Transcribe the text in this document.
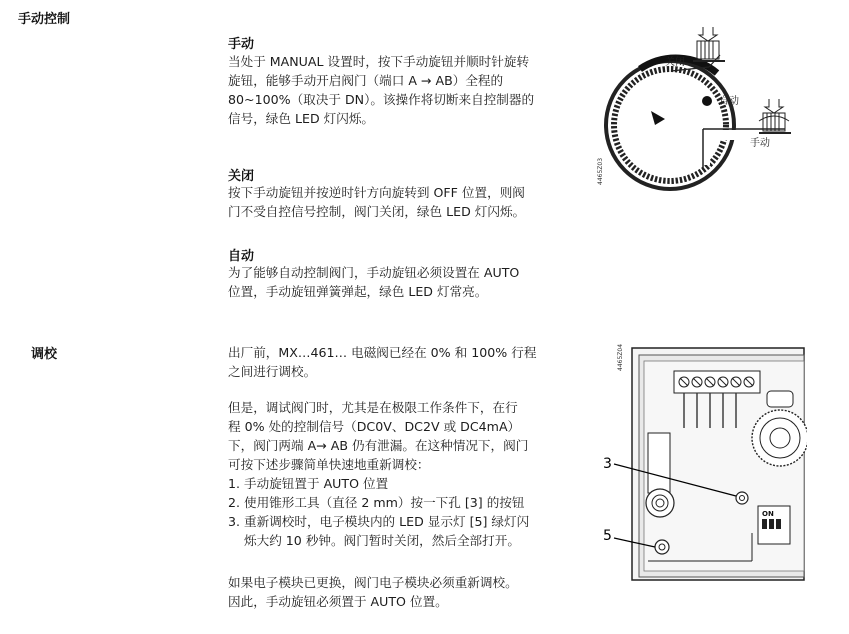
手动控制
调校
手动
当处于 MANUAL 设置时，按下手动旋钮并顺时针旋转
旋钮，能够手动开启阀门（端口 A → AB）全程的
80~100%（取决于 DN）。该操作将切断来自控制器的
信号，绿色 LED 灯闪烁。
关闭
按下手动旋钮并按逆时针方向旋转到 OFF 位置，则阀
门不受自控信号控制，阀门关闭，绿色 LED 灯闪烁。
自动
为了能够自动控制阀门，手动旋钮必须设置在 AUTO
位置，手动旋钮弹簧弹起，绿色 LED 灯常亮。
4465Z03
关闭
自动
手动
出厂前，MX…461… 电磁阀已经在 0% 和 100% 行程
之间进行调校。
但是，调试阀门时，尤其是在极限工作条件下，在行
程 0% 处的控制信号（DC0V、DC2V 或 DC4mA）
下，阀门两端 A→ AB 仍有泄漏。在这种情况下，阀门
可按下述步骤简单快速地重新调校：
1. 手动旋钮置于 AUTO 位置
2. 使用锥形工具（直径 2 mm）按一下孔 [3] 的按钮
3. 重新调校时，电子模块内的 LED 显示灯 [5] 绿灯闪
烁大约 10 秒钟。阀门暂时关闭，然后全部打开。
如果电子模块已更换，阀门电子模块必须重新调校。
因此，手动旋钮必须置于 AUTO 位置。
4465Z04
ON
3
5
